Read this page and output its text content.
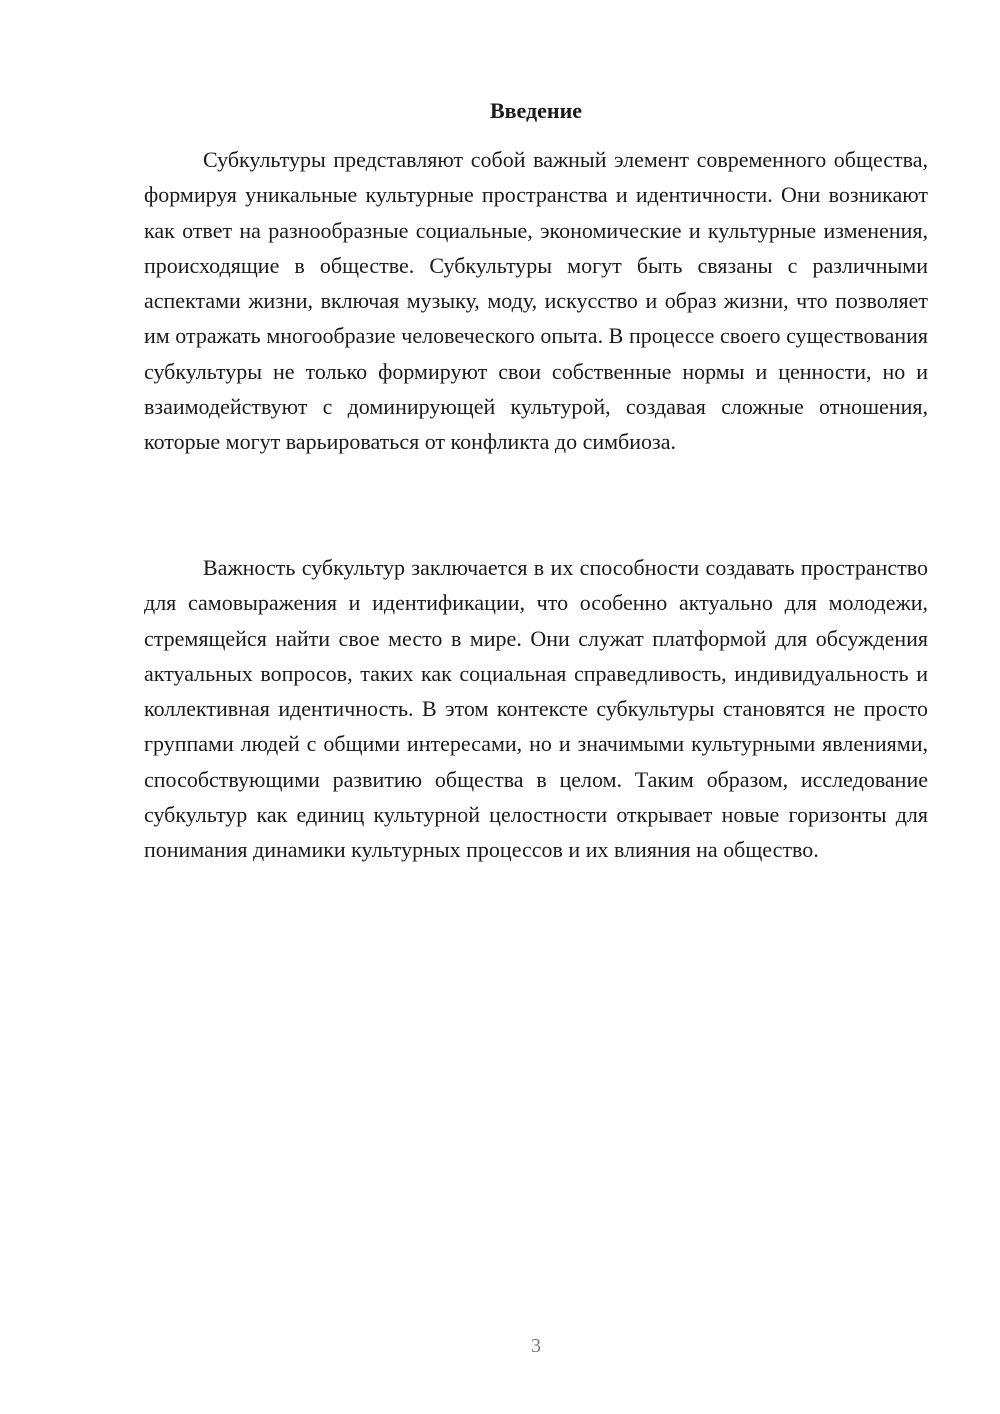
Введение

Субкультуры представляют собой важный элемент современного общества, формируя уникальные культурные пространства и идентичности. Они возникают как ответ на разнообразные социальные, экономические и культурные изменения, происходящие в обществе. Субкультуры могут быть связаны с различными аспектами жизни, включая музыку, моду, искусство и образ жизни, что позволяет им отражать многообразие человеческого опыта. В процессе своего существования субкультуры не только формируют свои собственные нормы и ценности, но и взаимодействуют с доминирующей культурой, создавая сложные отношения, которые могут варьироваться от конфликта до симбиоза.

Важность субкультур заключается в их способности создавать пространство для самовыражения и идентификации, что особенно актуально для молодежи, стремящейся найти свое место в мире. Они служат платформой для обсуждения актуальных вопросов, таких как социальная справедливость, индивидуальность и коллективная идентичность. В этом контексте субкультуры становятся не просто группами людей с общими интересами, но и значимыми культурными явлениями, способствующими развитию общества в целом. Таким образом, исследование субкультур как единиц культурной целостности открывает новые горизонты для понимания динамики культурных процессов и их влияния на общество.

3
